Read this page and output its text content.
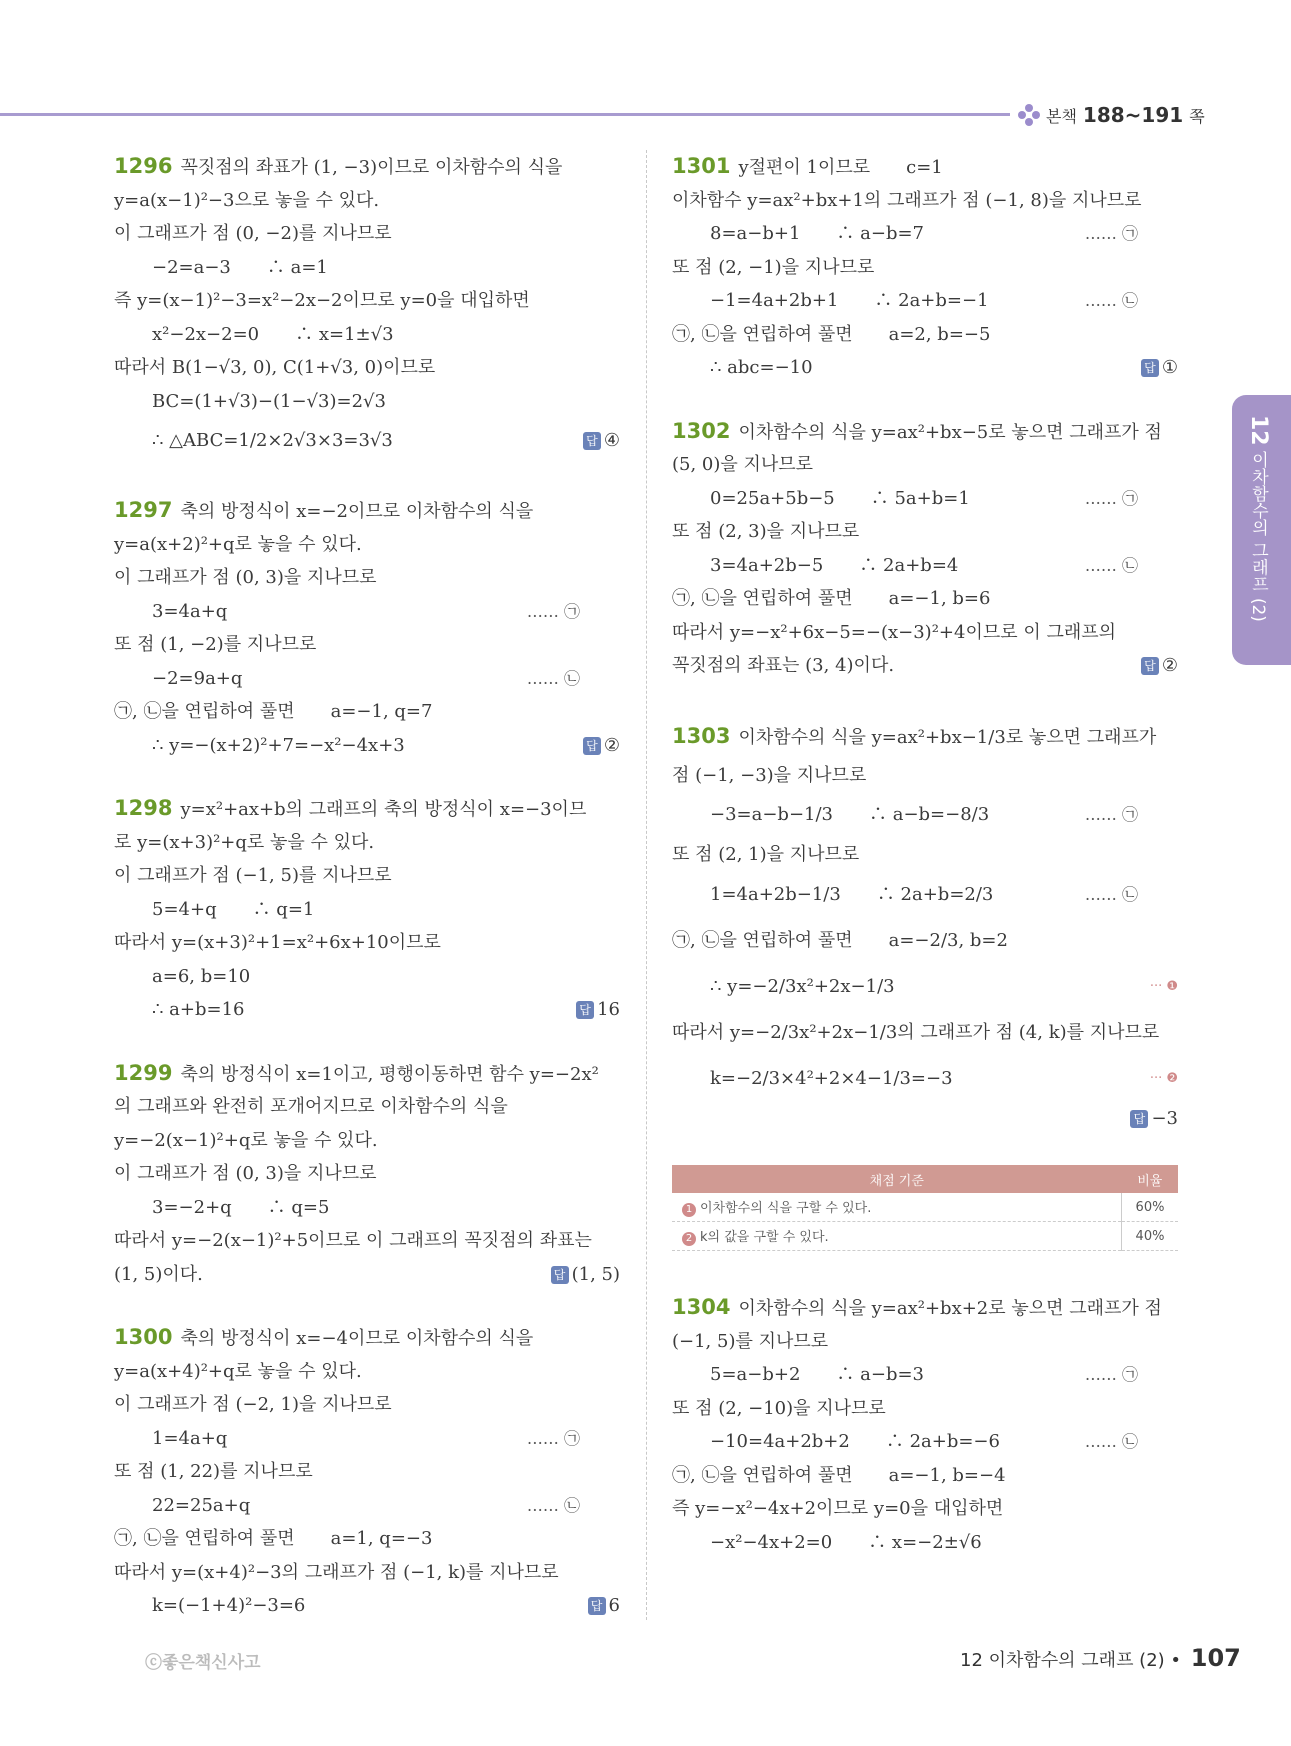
본책 188~191 쪽
12 이차함수의 그래프 (2)
1296 꼭짓점의 좌표가 (1, −3)이므로 이차함수의 식을
y=a(x−1)²−3으로 놓을 수 있다.
이 그래프가 점 (0, −2)를 지나므로
−2=a−3　　∴ a=1
즉 y=(x−1)²−3=x²−2x−2이므로 y=0을 대입하면
x²−2x−2=0　　∴ x=1±√3
따라서 B(1−√3, 0), C(1+√3, 0)이므로
BC=(1+√3)−(1−√3)=2√3
∴ △ABC=1/2×2√3×3=3√3	답 ④
1297 축의 방정식이 x=−2이므로 이차함수의 식을
y=a(x+2)²+q로 놓을 수 있다.
이 그래프가 점 (0, 3)을 지나므로
3=4a+q	…… ㉠
또 점 (1, −2)를 지나므로
−2=9a+q	…… ㉡
㉠, ㉡을 연립하여 풀면　　a=−1, q=7
∴ y=−(x+2)²+7=−x²−4x+3	답 ②
1298 y=x²+ax+b의 그래프의 축의 방정식이 x=−3이므
로 y=(x+3)²+q로 놓을 수 있다.
이 그래프가 점 (−1, 5)를 지나므로
5=4+q　　∴ q=1
따라서 y=(x+3)²+1=x²+6x+10이므로
a=6, b=10
∴ a+b=16	답 16
1299 축의 방정식이 x=1이고, 평행이동하면 함수 y=−2x²
의 그래프와 완전히 포개어지므로 이차함수의 식을
y=−2(x−1)²+q로 놓을 수 있다.
이 그래프가 점 (0, 3)을 지나므로
3=−2+q　　∴ q=5
따라서 y=−2(x−1)²+5이므로 이 그래프의 꼭짓점의 좌표는
(1, 5)이다.	답 (1, 5)
1300 축의 방정식이 x=−4이므로 이차함수의 식을
y=a(x+4)²+q로 놓을 수 있다.
이 그래프가 점 (−2, 1)을 지나므로
1=4a+q	…… ㉠
또 점 (1, 22)를 지나므로
22=25a+q	…… ㉡
㉠, ㉡을 연립하여 풀면　　a=1, q=−3
따라서 y=(x+4)²−3의 그래프가 점 (−1, k)를 지나므로
k=(−1+4)²−3=6	답 6
1301 y절편이 1이므로　　c=1
이차함수 y=ax²+bx+1의 그래프가 점 (−1, 8)을 지나므로
8=a−b+1　　∴ a−b=7	…… ㉠
또 점 (2, −1)을 지나므로
−1=4a+2b+1　　∴ 2a+b=−1	…… ㉡
㉠, ㉡을 연립하여 풀면　　a=2, b=−5
∴ abc=−10	답 ①
1302 이차함수의 식을 y=ax²+bx−5로 놓으면 그래프가 점
(5, 0)을 지나므로
0=25a+5b−5　　∴ 5a+b=1	…… ㉠
또 점 (2, 3)을 지나므로
3=4a+2b−5　　∴ 2a+b=4	…… ㉡
㉠, ㉡을 연립하여 풀면　　a=−1, b=6
따라서 y=−x²+6x−5=−(x−3)²+4이므로 이 그래프의
꼭짓점의 좌표는 (3, 4)이다.	답 ②
1303 이차함수의 식을 y=ax²+bx−1/3로 놓으면 그래프가
점 (−1, −3)을 지나므로
−3=a−b−1/3　　∴ a−b=−8/3	…… ㉠
또 점 (2, 1)을 지나므로
1=4a+2b−1/3　　∴ 2a+b=2/3	…… ㉡
㉠, ㉡을 연립하여 풀면　　a=−2/3, b=2
∴ y=−2/3x²+2x−1/3	··· ❶
따라서 y=−2/3x²+2x−1/3의 그래프가 점 (4, k)를 지나므로
k=−2/3×4²+2×4−1/3=−3	··· ❷
답 −3
채점 기준	비율
1 이차함수의 식을 구할 수 있다.	60%
2 k의 값을 구할 수 있다.	40%
1304 이차함수의 식을 y=ax²+bx+2로 놓으면 그래프가 점
(−1, 5)를 지나므로
5=a−b+2　　∴ a−b=3	…… ㉠
또 점 (2, −10)을 지나므로
−10=4a+2b+2　　∴ 2a+b=−6	…… ㉡
㉠, ㉡을 연립하여 풀면　　a=−1, b=−4
즉 y=−x²−4x+2이므로 y=0을 대입하면
−x²−4x+2=0　　∴ x=−2±√6
ⓒ좋은책신사고	12 이차함수의 그래프 (2) • 107
